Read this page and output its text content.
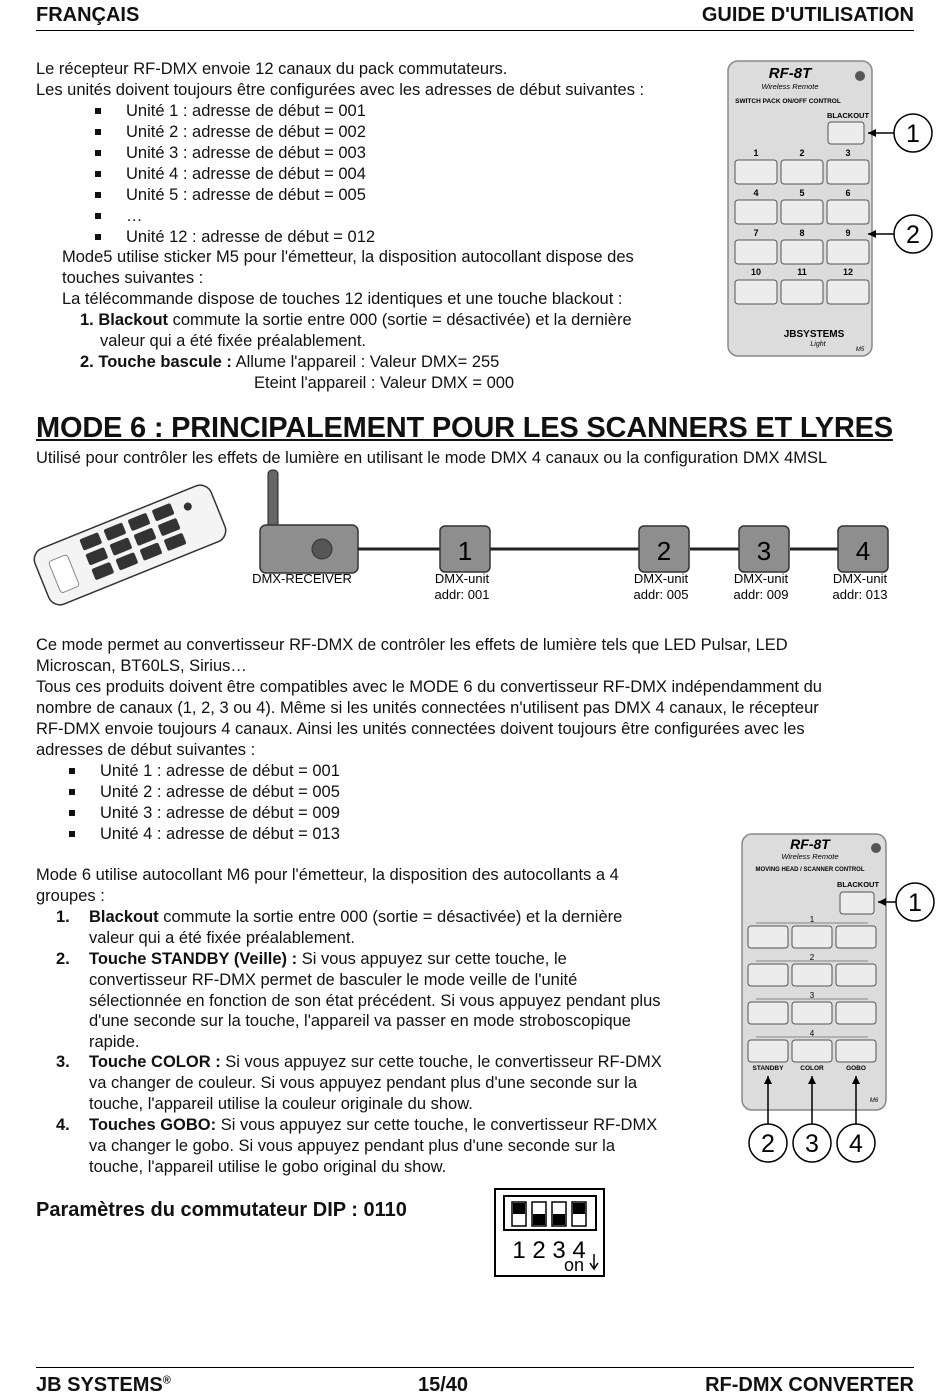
FRANÇAIS	GUIDE D'UTILISATION
Le récepteur RF-DMX envoie 12 canaux du pack commutateurs.
Les unités doivent toujours être configurées avec les adresses de début suivantes :
Unité 1 : adresse de début = 001
Unité 2 : adresse de début = 002
Unité 3 : adresse de début = 003
Unité 4 : adresse de début = 004
Unité 5 : adresse de début = 005
…
Unité 12 : adresse de début = 012
Mode5 utilise sticker M5 pour l'émetteur, la disposition autocollant dispose des
touches suivantes :
La télécommande dispose de touches 12 identiques et une touche blackout :
1. Blackout commute la sortie entre 000 (sortie = désactivée) et la dernière
valeur qui a été fixée préalablement.
2. Touche bascule : Allume l'appareil : Valeur DMX= 255
Eteint l'appareil : Valeur DMX = 000
RF-8T
Wireless Remote
SWITCH PACK ON/OFF CONTROL
BLACKOUT
1	2	3
4	5	6
7	8	9
10	11	12
JBSYSTEMS
Light
M5
1
2
MODE 6 : PRINCIPALEMENT POUR LES SCANNERS ET LYRES
Utilisé pour contrôler les effets de lumière en utilisant le mode DMX 4 canaux ou la configuration DMX 4MSL
DMX-RECEIVER
1
DMX-unit
addr: 001
2
DMX-unit
addr: 005
3
DMX-unit
addr: 009
4
DMX-unit
addr: 013
Ce mode permet au convertisseur RF-DMX de contrôler les effets de lumière tels que LED Pulsar, LED
Microscan, BT60LS, Sirius…
Tous ces produits doivent être compatibles avec le MODE 6 du convertisseur RF-DMX indépendamment du
nombre de canaux (1, 2, 3 ou 4). Même si les unités connectées n'utilisent pas DMX 4 canaux, le récepteur
RF-DMX envoie toujours 4 canaux. Ainsi les unités connectées doivent toujours être configurées avec les
adresses de début suivantes :
Unité 1 : adresse de début = 001
Unité 2 : adresse de début = 005
Unité 3 : adresse de début = 009
Unité 4 : adresse de début = 013
Mode 6 utilise autocollant M6 pour l'émetteur, la disposition des autocollants a 4
groupes :
1. Blackout commute la sortie entre 000 (sortie = désactivée) et la dernière
valeur qui a été fixée préalablement.
2. Touche STANDBY (Veille) : Si vous appuyez sur cette touche, le
convertisseur RF-DMX permet de basculer le mode veille de l'unité
sélectionnée en fonction de son état précédent. Si vous appuyez pendant plus
d'une seconde sur la touche, l'appareil va passer en mode stroboscopique
rapide.
3. Touche COLOR : Si vous appuyez sur cette touche, le convertisseur RF-DMX
va changer de couleur. Si vous appuyez pendant plus d'une seconde sur la
touche, l'appareil utilise la couleur originale du show.
4. Touches GOBO: Si vous appuyez sur cette touche, le convertisseur RF-DMX
va changer le gobo. Si vous appuyez pendant plus d'une seconde sur la
touche, l'appareil utilise le gobo original du show.
RF-8T
Wireless Remote
MOVING HEAD / SCANNER CONTROL
BLACKOUT
1
2
3
4
STANDBY	COLOR	GOBO
M6
1
2 3 4
Paramètres du commutateur DIP : 0110
1 2 3 4
on
JB SYSTEMS®	15/40	RF-DMX CONVERTER
